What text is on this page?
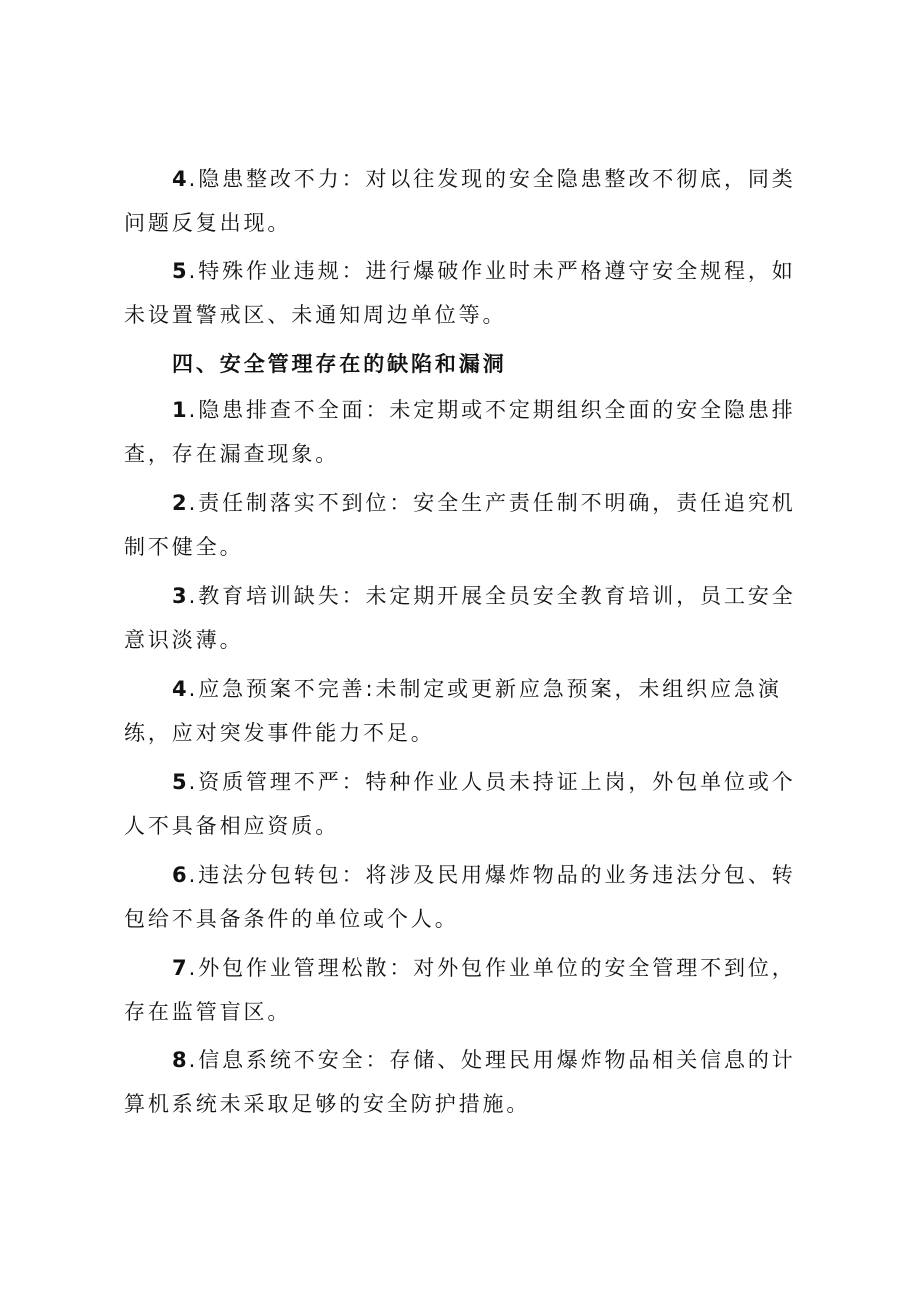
4.隐患整改不力：对以往发现的安全隐患整改不彻底，同类问题反复出现。

5.特殊作业违规：进行爆破作业时未严格遵守安全规程，如未设置警戒区、未通知周边单位等。

四、安全管理存在的缺陷和漏洞

1.隐患排查不全面：未定期或不定期组织全面的安全隐患排查，存在漏查现象。

2.责任制落实不到位：安全生产责任制不明确，责任追究机制不健全。

3.教育培训缺失：未定期开展全员安全教育培训，员工安全意识淡薄。

4.应急预案不完善:未制定或更新应急预案，未组织应急演练，应对突发事件能力不足。

5.资质管理不严：特种作业人员未持证上岗，外包单位或个人不具备相应资质。

6.违法分包转包：将涉及民用爆炸物品的业务违法分包、转包给不具备条件的单位或个人。

7.外包作业管理松散：对外包作业单位的安全管理不到位，存在监管盲区。

8.信息系统不安全：存储、处理民用爆炸物品相关信息的计算机系统未采取足够的安全防护措施。
